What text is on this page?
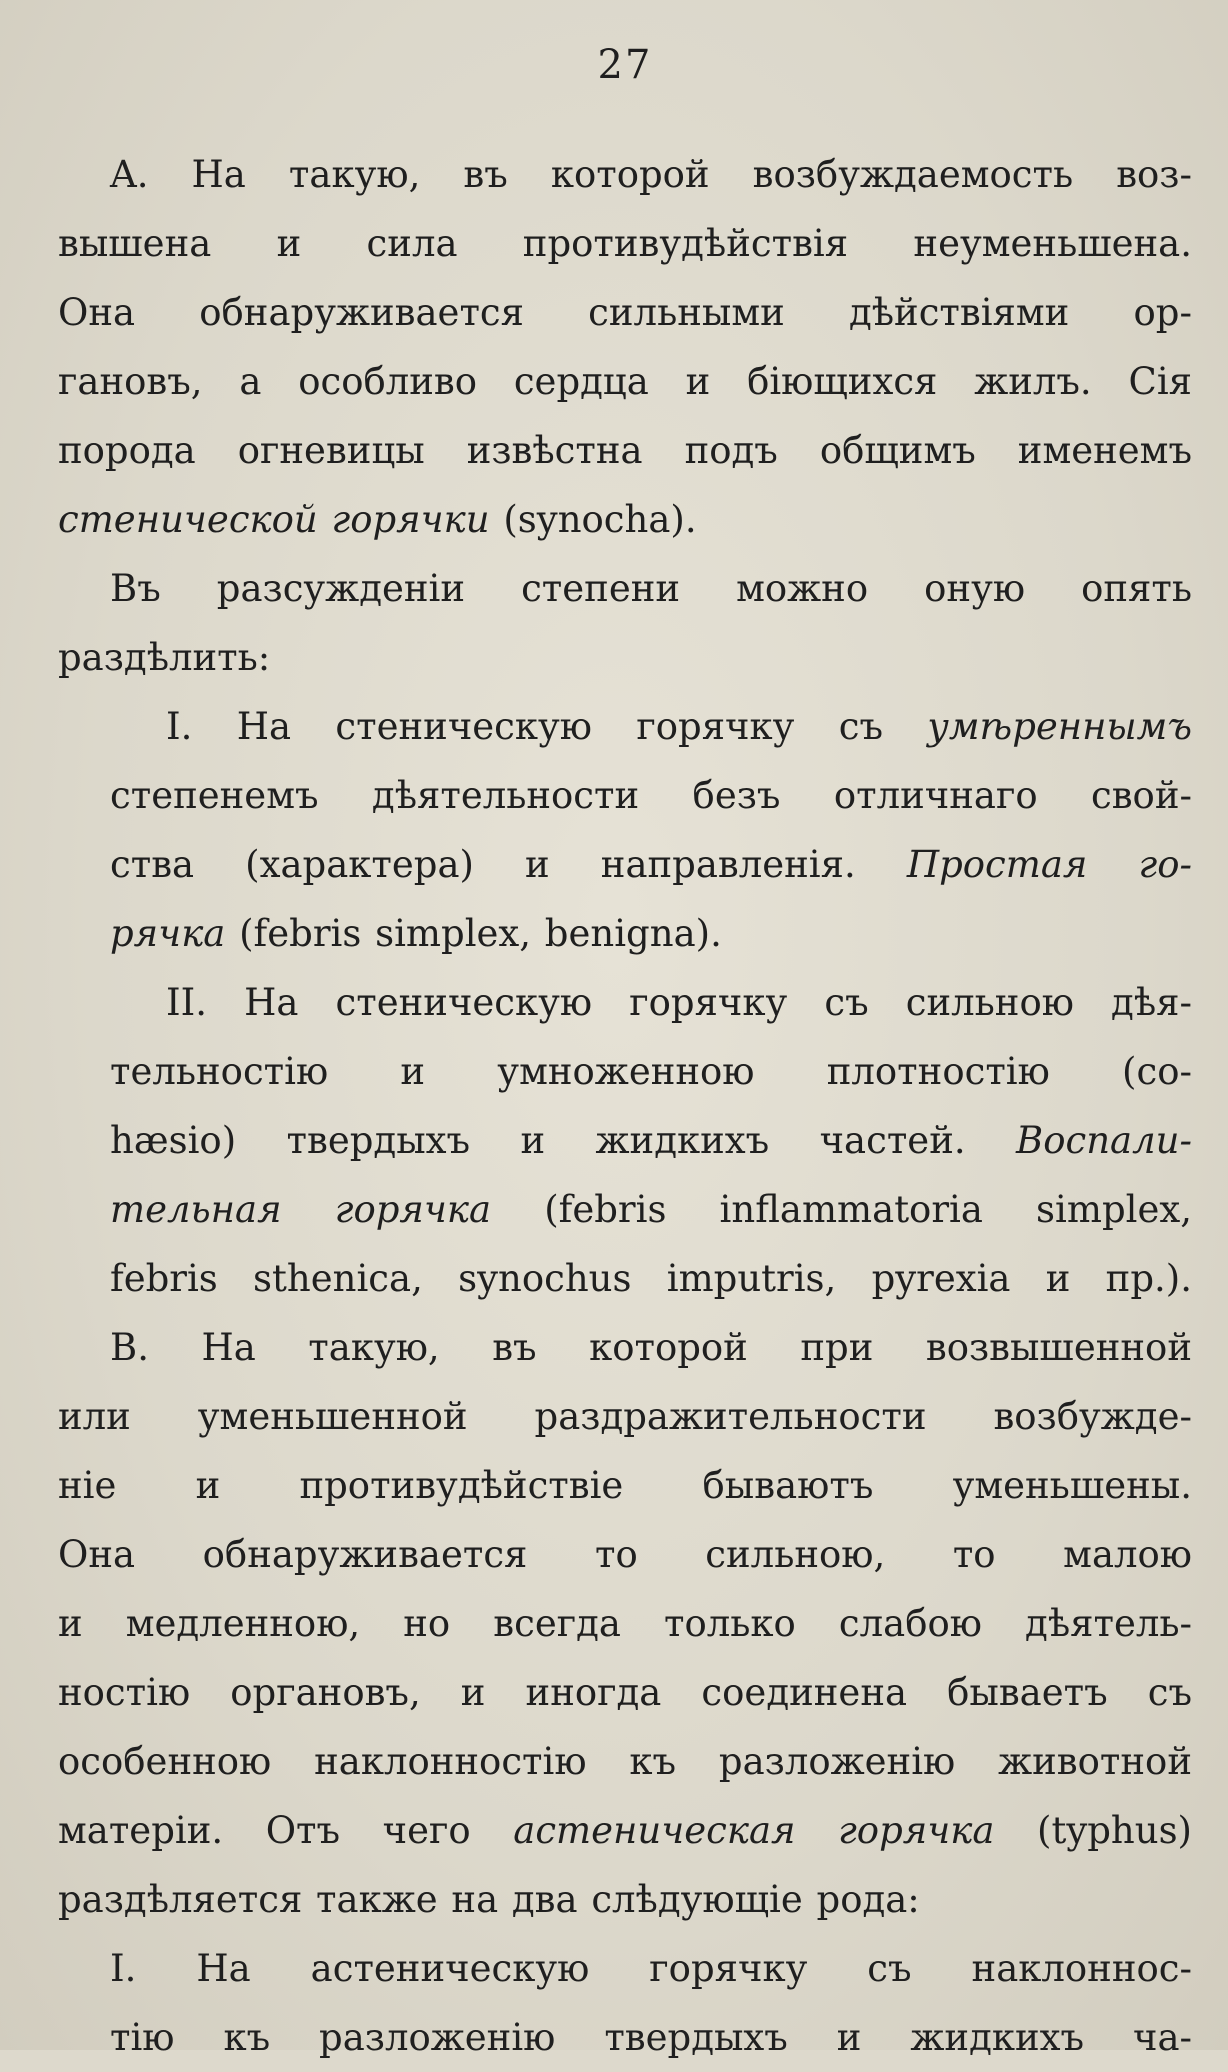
27
A. На такую, въ которой возбуждаемость воз-
вышена и сила противудѣйствія неуменьшена.
Она обнаруживается сильными дѣйствіями ор-
гановъ, а особливо сердца и біющихся жилъ. Сія
порода огневицы извѣстна подъ общимъ именемъ
стенической горячки (synocha).
Въ разсужденіи степени можно оную опять
раздѣлить:
I. На стеническую горячку съ умѣреннымъ
степенемъ дѣятельности безъ отличнаго свой-
ства (характера) и направленія. Простая го-
рячка (febris simplex, benigna).
II. На стеническую горячку съ сильною дѣя-
тельностію и умноженною плотностію (co-
hæsio) твердыхъ и жидкихъ частей. Воспали-
тельная горячка (febris inflammatoria simplex,
febris sthenica, synochus imputris, pyrexia и пр.).
B. На такую, въ которой при возвышенной
или уменьшенной раздражительности возбужде-
ніе и противудѣйствіе бываютъ уменьшены.
Она обнаруживается то сильною, то малою
и медленною, но всегда только слабою дѣятель-
ностію органовъ, и иногда соединена бываетъ съ
особенною наклонностію къ разложенію животной
матеріи. Отъ чего астеническая горячка (typhus)
раздѣляется также на два слѣдующіе рода:
I. На астеническую горячку съ наклоннос-
тію къ разложенію твердыхъ и жидкихъ ча-
